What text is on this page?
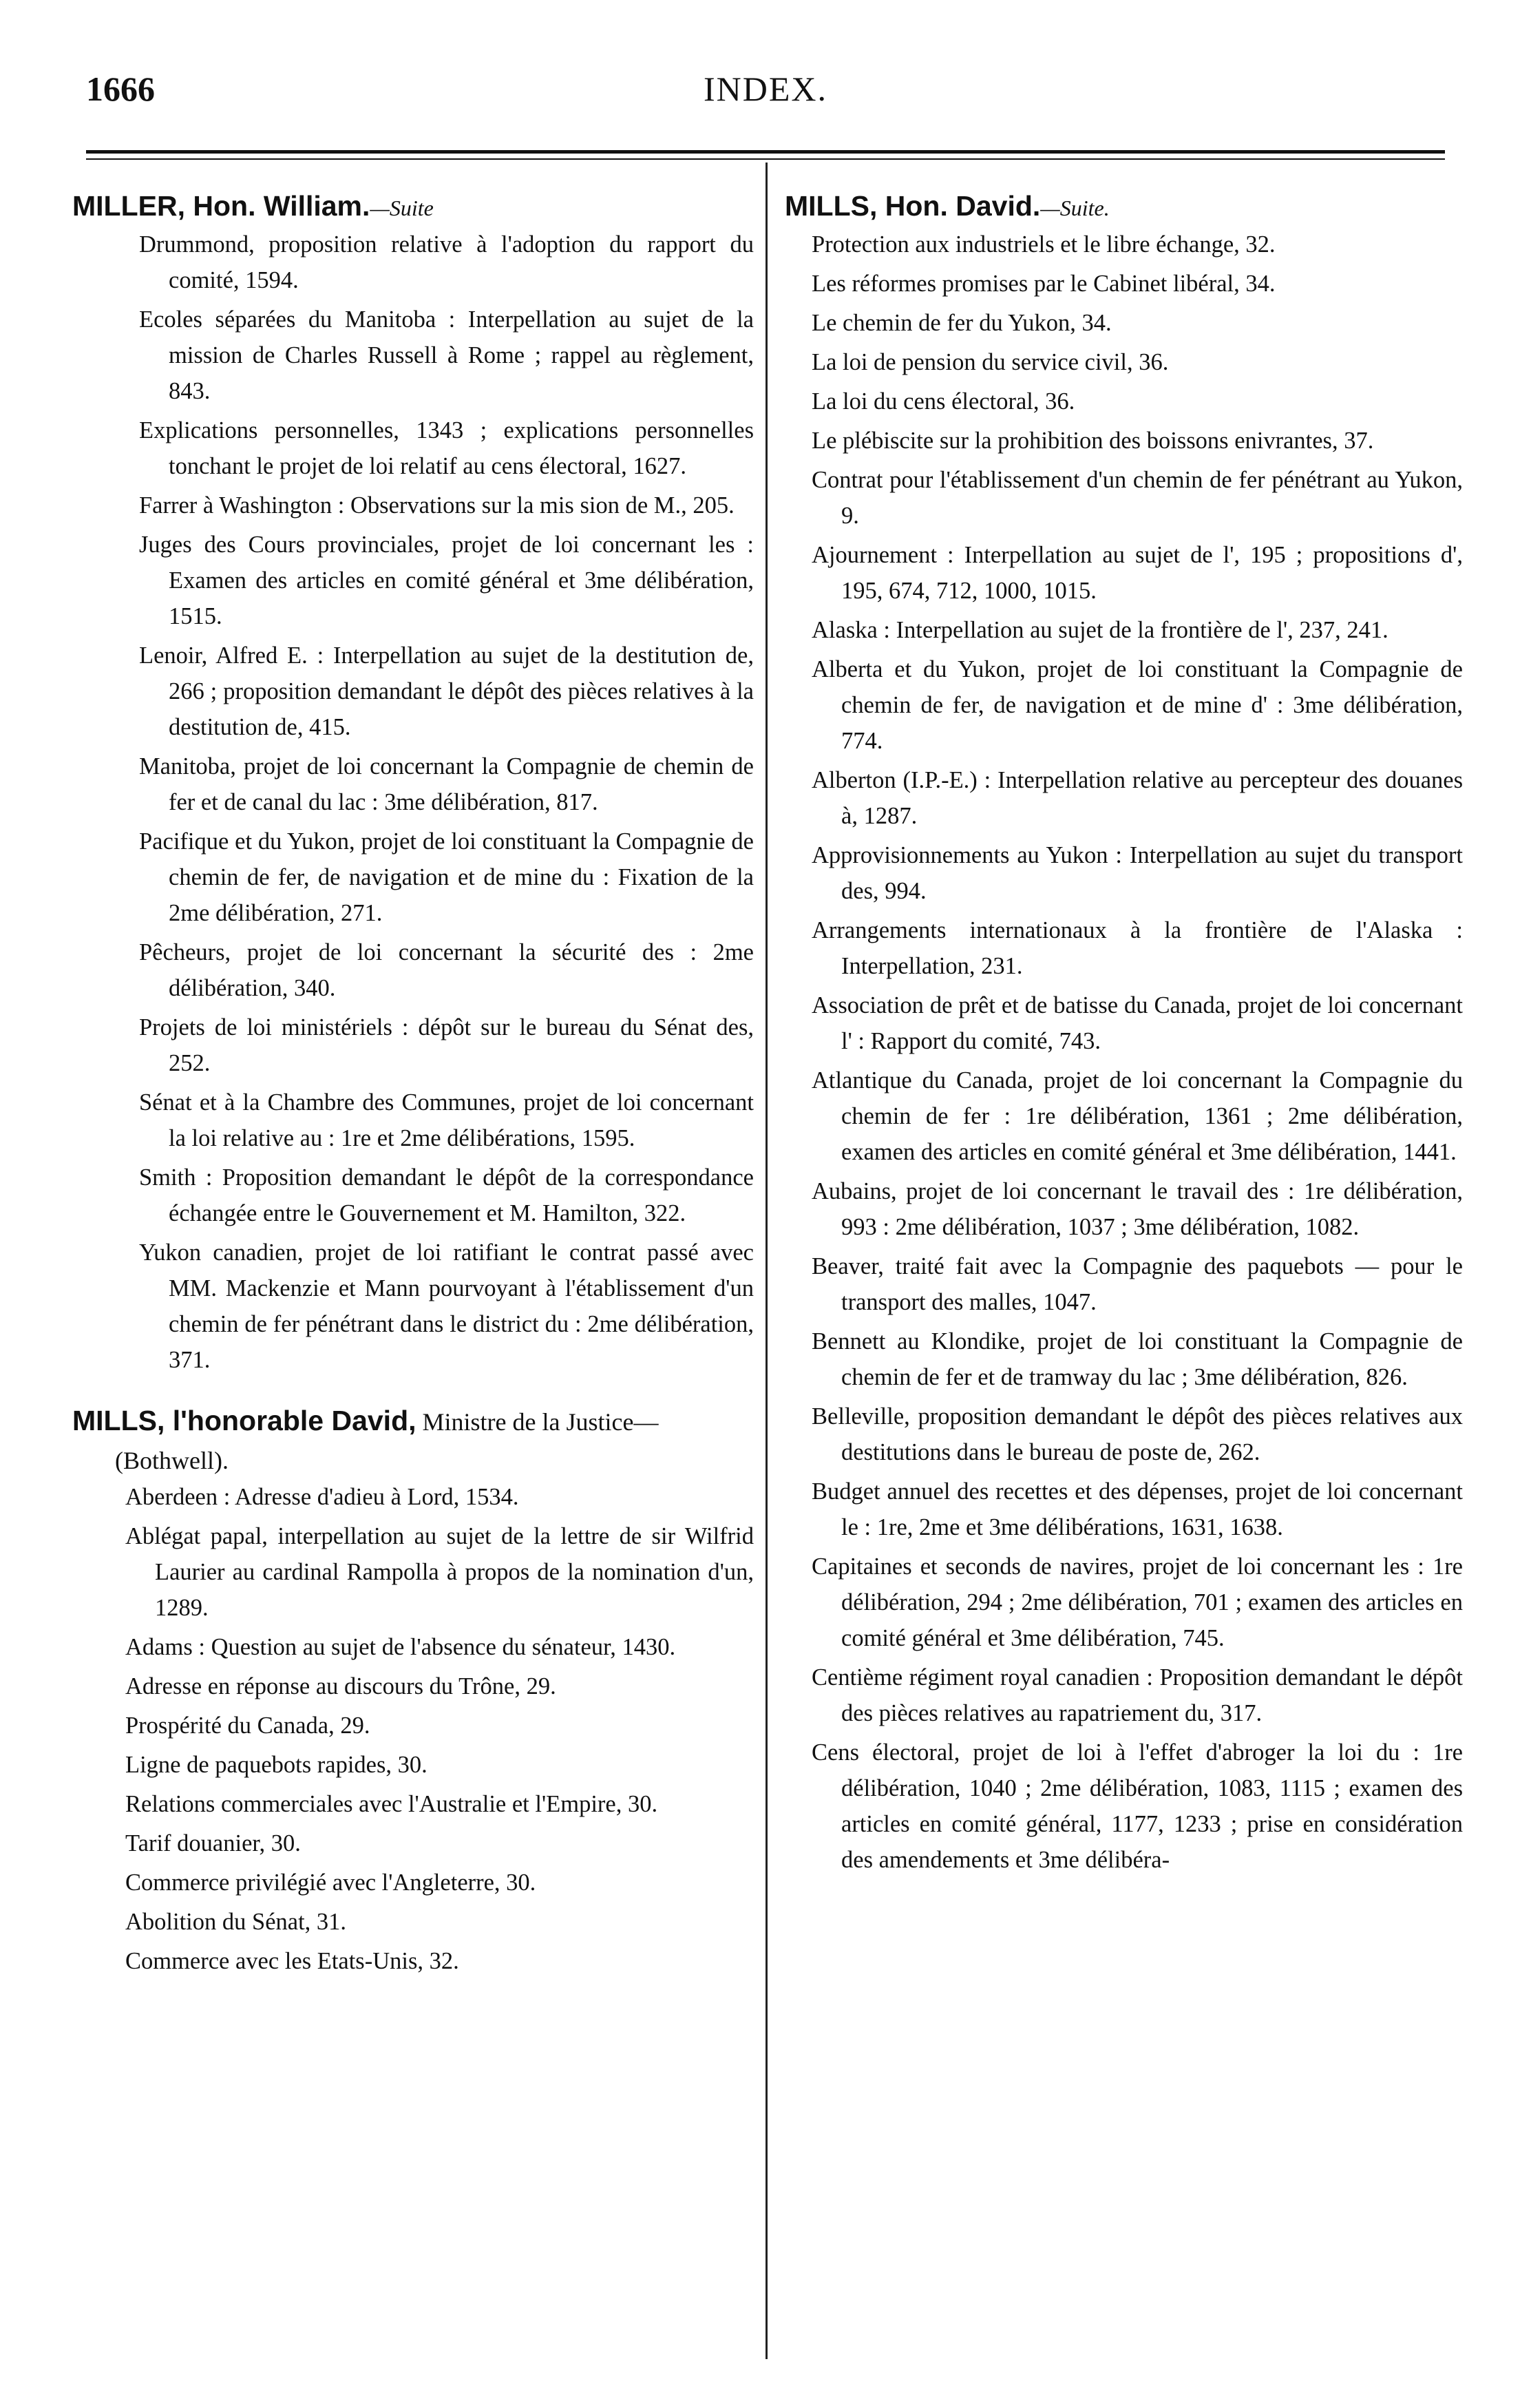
1666	INDEX.

MILLER, Hon. William.—Suite

Drummond, proposition relative à l'adoption du rapport du comité, 1594.

Ecoles séparées du Manitoba : Interpellation au sujet de la mission de Charles Russell à Rome ; rappel au règlement, 843.

Explications personnelles, 1343 ; explications personnelles tonchant le projet de loi relatif au cens électoral, 1627.

Farrer à Washington : Observations sur la mis sion de M., 205.

Juges des Cours provinciales, projet de loi concernant les : Examen des articles en comité général et 3me délibération, 1515.

Lenoir, Alfred E. : Interpellation au sujet de la destitution de, 266 ; proposition demandant le dépôt des pièces relatives à la destitution de, 415.

Manitoba, projet de loi concernant la Compagnie de chemin de fer et de canal du lac : 3me délibération, 817.

Pacifique et du Yukon, projet de loi constituant la Compagnie de chemin de fer, de navigation et de mine du : Fixation de la 2me délibération, 271.

Pêcheurs, projet de loi concernant la sécurité des : 2me délibération, 340.

Projets de loi ministériels : dépôt sur le bureau du Sénat des, 252.

Sénat et à la Chambre des Communes, projet de loi concernant la loi relative au : 1re et 2me délibérations, 1595.

Smith : Proposition demandant le dépôt de la correspondance échangée entre le Gouvernement et M. Hamilton, 322.

Yukon canadien, projet de loi ratifiant le contrat passé avec MM. Mackenzie et Mann pourvoyant à l'établissement d'un chemin de fer pénétrant dans le district du : 2me délibération, 371.

MILLS, l'honorable David, Ministre de la Justice—(Bothwell).

Aberdeen : Adresse d'adieu à Lord, 1534.

Ablégat papal, interpellation au sujet de la lettre de sir Wilfrid Laurier au cardinal Rampolla à propos de la nomination d'un, 1289.

Adams : Question au sujet de l'absence du sénateur, 1430.

Adresse en réponse au discours du Trône, 29.

Prospérité du Canada, 29.

Ligne de paquebots rapides, 30.

Relations commerciales avec l'Australie et l'Empire, 30.

Tarif douanier, 30.

Commerce privilégié avec l'Angleterre, 30.

Abolition du Sénat, 31.

Commerce avec les Etats-Unis, 32.

MILLS, Hon. David.—Suite.

Protection aux industriels et le libre échange, 32.

Les réformes promises par le Cabinet libéral, 34.

Le chemin de fer du Yukon, 34.

La loi de pension du service civil, 36.

La loi du cens électoral, 36.

Le plébiscite sur la prohibition des boissons enivrantes, 37.

Contrat pour l'établissement d'un chemin de fer pénétrant au Yukon, 9.

Ajournement : Interpellation au sujet de l', 195 ; propositions d', 195, 674, 712, 1000, 1015.

Alaska : Interpellation au sujet de la frontière de l', 237, 241.

Alberta et du Yukon, projet de loi constituant la Compagnie de chemin de fer, de navigation et de mine d' : 3me délibération, 774.

Alberton (I.P.-E.) : Interpellation relative au percepteur des douanes à, 1287.

Approvisionnements au Yukon : Interpellation au sujet du transport des, 994.

Arrangements internationaux à la frontière de l'Alaska : Interpellation, 231.

Association de prêt et de batisse du Canada, projet de loi concernant l' : Rapport du comité, 743.

Atlantique du Canada, projet de loi concernant la Compagnie du chemin de fer : 1re délibération, 1361 ; 2me délibération, examen des articles en comité général et 3me délibération, 1441.

Aubains, projet de loi concernant le travail des : 1re délibération, 993 : 2me délibération, 1037 ; 3me délibération, 1082.

Beaver, traité fait avec la Compagnie des paquebots — pour le transport des malles, 1047.

Bennett au Klondike, projet de loi constituant la Compagnie de chemin de fer et de tramway du lac ; 3me délibération, 826.

Belleville, proposition demandant le dépôt des pièces relatives aux destitutions dans le bureau de poste de, 262.

Budget annuel des recettes et des dépenses, projet de loi concernant le : 1re, 2me et 3me délibérations, 1631, 1638.

Capitaines et seconds de navires, projet de loi concernant les : 1re délibération, 294 ; 2me délibération, 701 ; examen des articles en comité général et 3me délibération, 745.

Centième régiment royal canadien : Proposition demandant le dépôt des pièces relatives au rapatriement du, 317.

Cens électoral, projet de loi à l'effet d'abroger la loi du : 1re délibération, 1040 ; 2me délibération, 1083, 1115 ; examen des articles en comité général, 1177, 1233 ; prise en considération des amendements et 3me délibéra-
